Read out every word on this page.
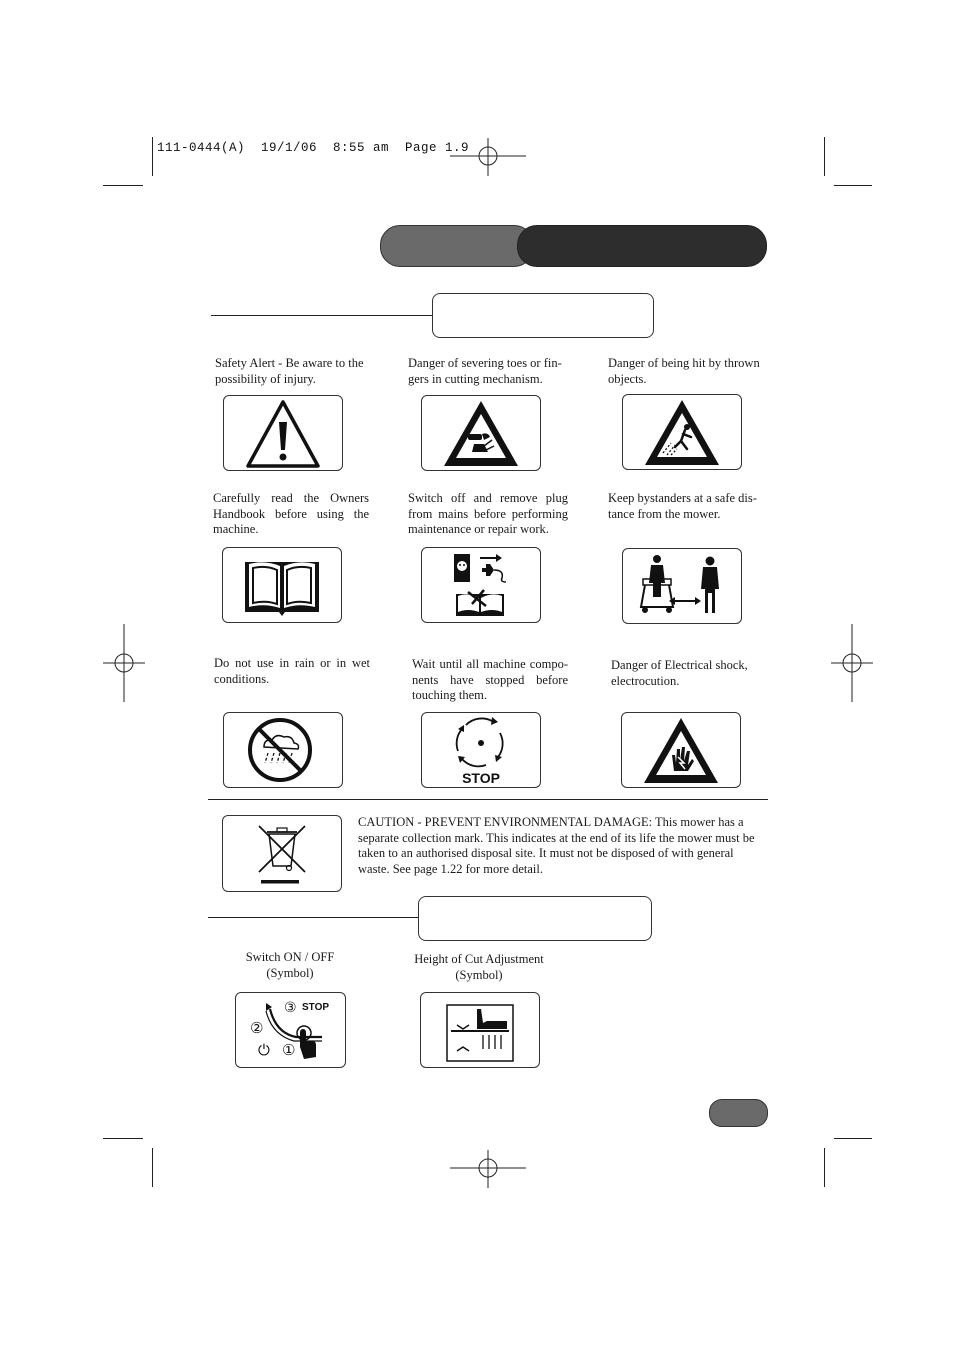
111-0444(A)  19/1/06  8:55 am  Page 1.9
Safety Alert - Be aware to the possibility of injury.
Danger of severing toes or fin-gers in cutting mechanism.
Danger of being hit by thrown objects.
Carefully read the Owners Handbook before using the machine.
Switch off and remove plug from mains before performing maintenance or repair work.
Keep bystanders at a safe dis-tance from the mower.
Do not use in rain or in wet conditions.
Wait until all machine compo-nents have stopped before touching them.
Danger of Electrical shock, electrocution.
STOP
CAUTION - PREVENT ENVIRONMENTAL DAMAGE: This mower has a separate collection mark. This indicates at the end of its life the mower must be taken to an authorised disposal site. It must not be disposed of with general waste. See page 1.22 for more detail.
Switch ON / OFF
(Symbol)
Height of Cut Adjustment
(Symbol)
③ STOP
②
⏻ ①
